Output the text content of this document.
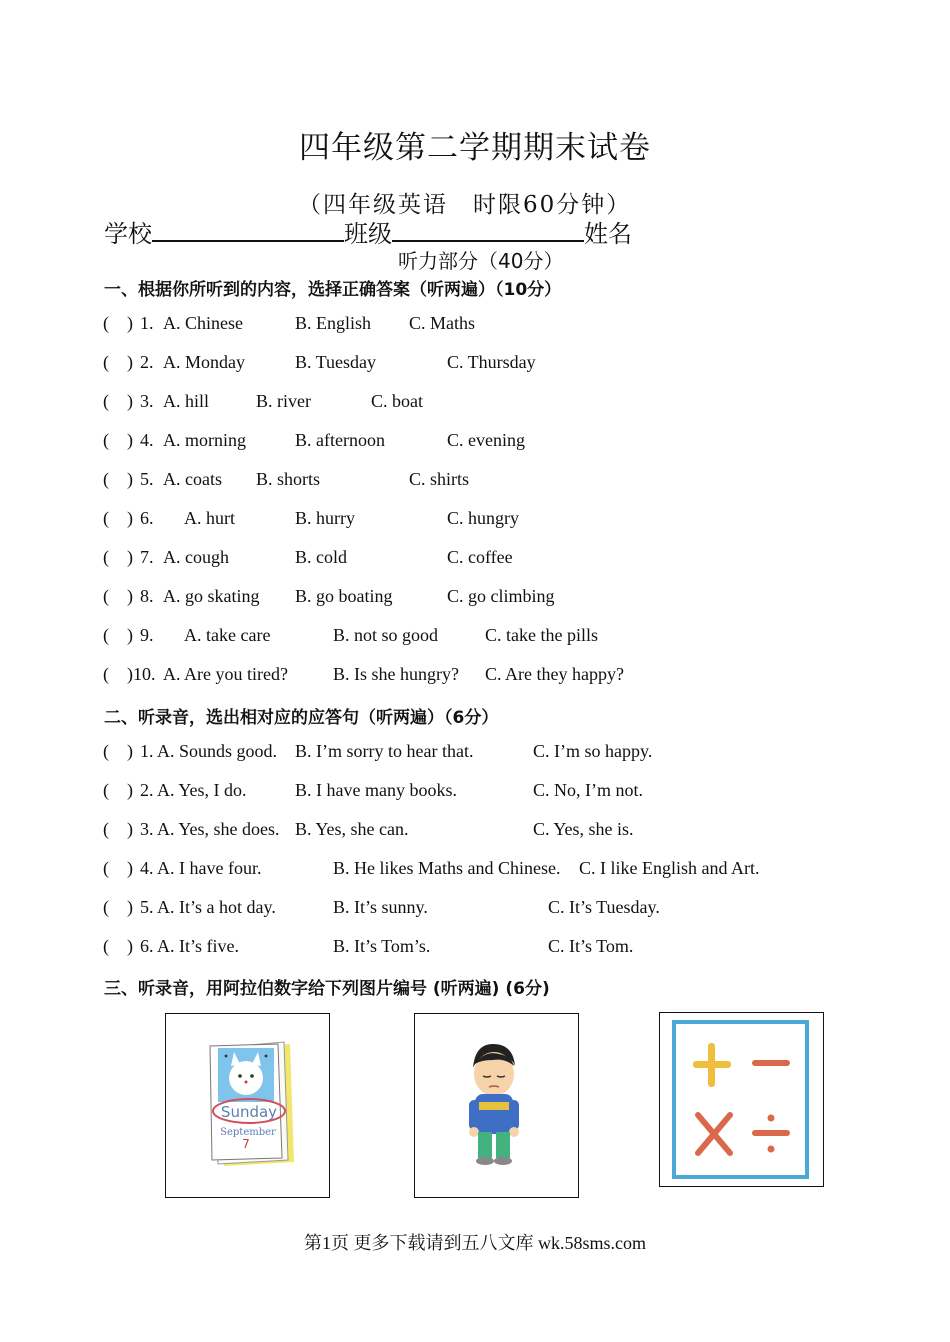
四年级第二学期期末试卷
（四年级英语　时限60分钟）
学校	班级	姓名
听力部分（40分）
一、根据你所听到的内容，选择正确答案（听两遍）（10分）
( ) 1. A. Chinese	B. English C. Maths
( ) 2. A. Monday	B. Tuesday	C. Thursday
( ) 3. A. hill	B. river	C. boat
( ) 4. A. morning	B. afternoon	C. evening
( ) 5. A. coats B. shorts	C. shirts
( ) 6. A. hurt	B. hurry	C. hungry
( ) 7. A. cough	B. cold	C. coffee
( ) 8. A. go skating B. go boating	C. go climbing
( ) 9. A. take care	B. not so good	C. take the pills
( )10. A. Are you tired?	B. Is she hungry? C. Are they happy?
二、听录音，选出相对应的应答句（听两遍）（6分）
( ) 1. A. Sounds good. B. I’m sorry to hear that.	C. I’m so happy.
( ) 2. A. Yes, I do.	B. I have many books.	C. No, I’m not.
( ) 3. A. Yes, she does. B. Yes, she can.	C. Yes, she is.
( ) 4. A. I have four.	B. He likes Maths and Chinese. C. I like English and Art.
( ) 5. A. It’s a hot day.	B. It’s sunny.	C. It’s Tuesday.
( ) 6. A. It’s five.	B. It’s Tom’s.	C. It’s Tom.
三、听录音，用阿拉伯数字给下列图片编号 (听两遍) (6分)
Sunday
September
7
第1页 更多下载请到五八文库 wk.58sms.com
